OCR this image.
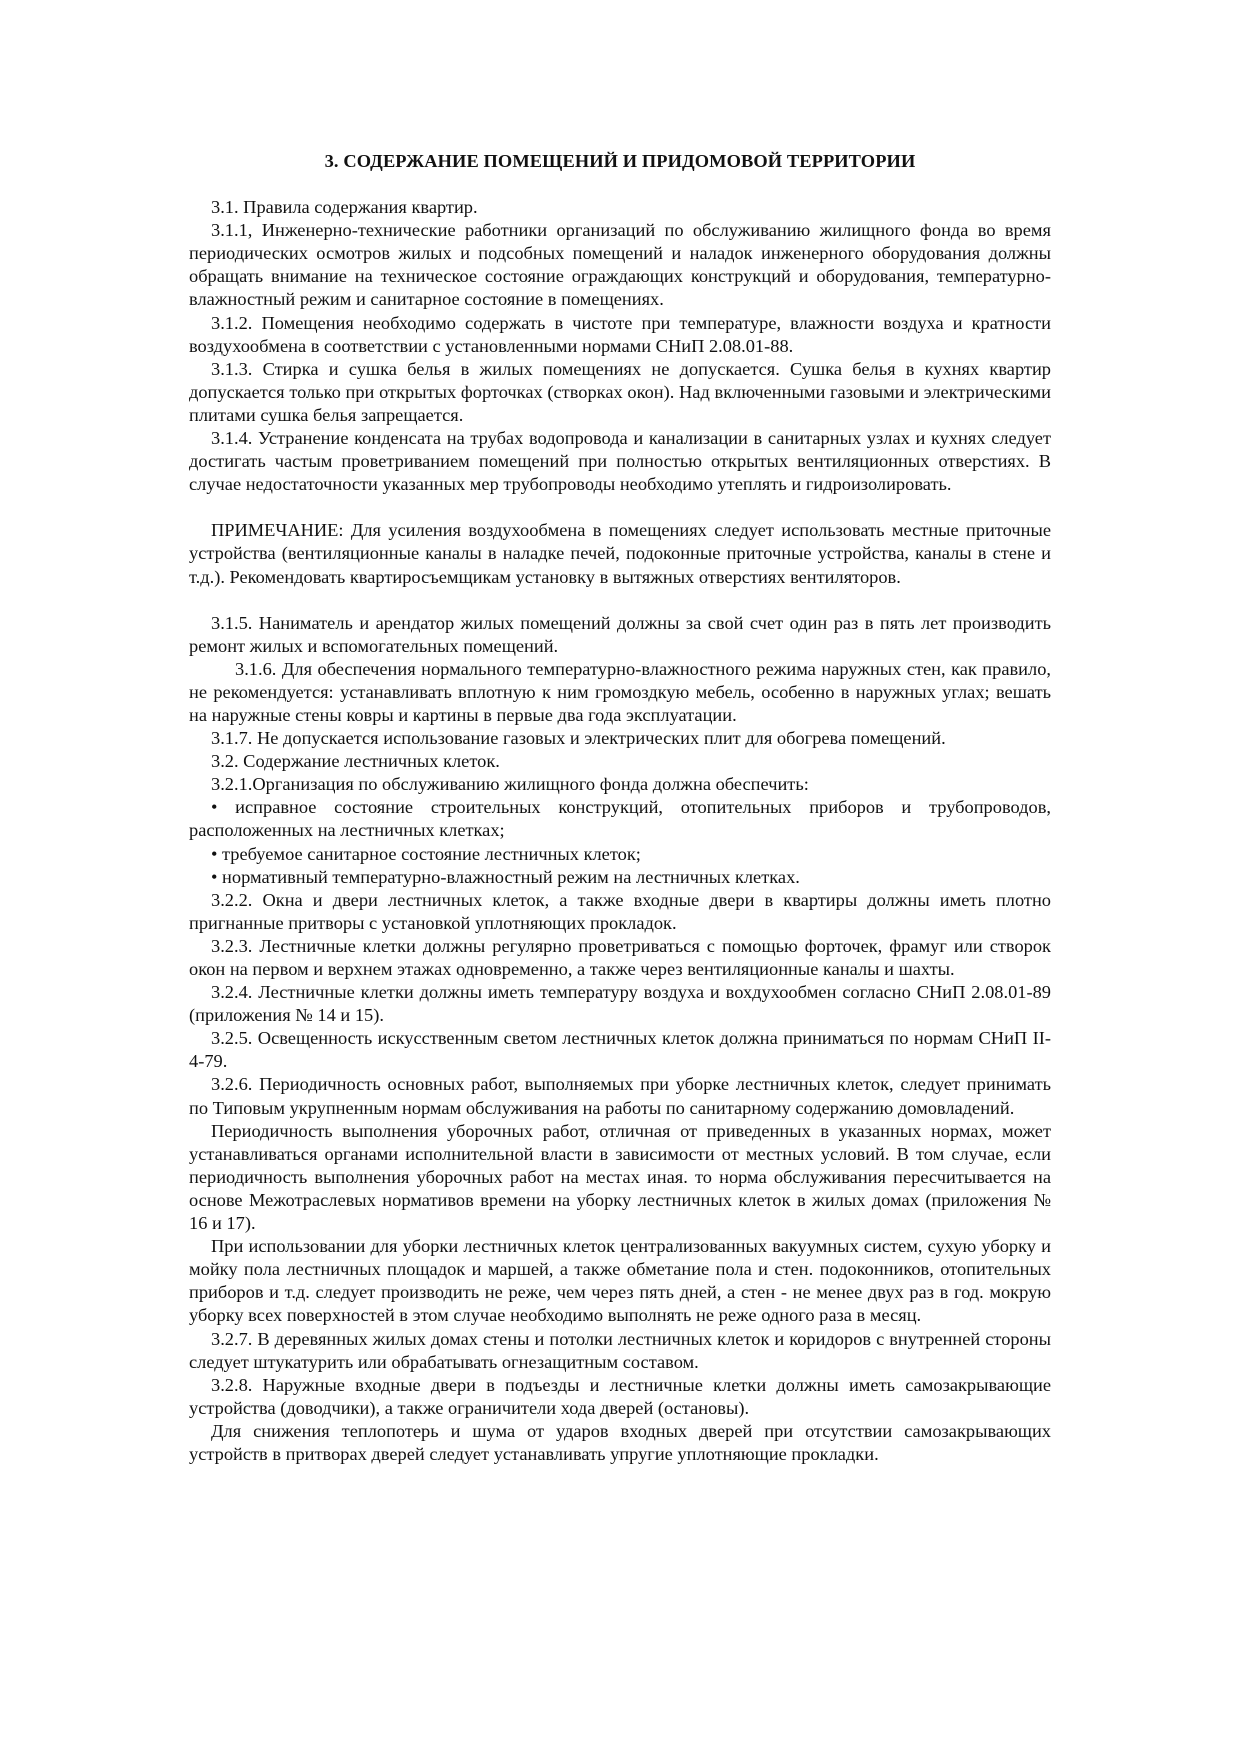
3. СОДЕРЖАНИЕ ПОМЕЩЕНИЙ И ПРИДОМОВОЙ ТЕРРИТОРИИ

3.1. Правила содержания квартир.

3.1.1, Инженерно-технические работники организаций по обслуживанию жилищного фонда во время периодических осмотров жилых и подсобных помещений и наладок инженерного оборудования должны обращать внимание на техническое состояние ограждающих конструкций и оборудования, температурно-влажностный режим и санитарное состояние в помещениях.

3.1.2. Помещения необходимо содержать в чистоте при температуре, влажности воздуха и кратности воздухообмена в соответствии с установленными нормами СНиП 2.08.01-88.

3.1.3. Стирка и сушка белья в жилых помещениях не допускается. Сушка белья в кухнях квартир допускается только при открытых форточках (створках окон). Над включенными газовыми и электрическими плитами сушка белья запрещается.

3.1.4. Устранение конденсата на трубах водопровода и канализации в санитарных узлах и кухнях следует достигать частым проветриванием помещений при полностью открытых вентиляционных отверстиях. В случае недостаточности указанных мер трубопроводы необходимо утеплять и гидроизолировать.

ПРИМЕЧАНИЕ: Для усиления воздухообмена в помещениях следует использовать местные приточные устройства (вентиляционные каналы в наладке печей, подоконные приточные устройства, каналы в стене и т.д.). Рекомендовать квартиросъемщикам установку в вытяжных отверстиях вентиляторов.

3.1.5. Наниматель и арендатор жилых помещений должны за свой счет один раз в пять лет производить ремонт жилых и вспомогательных помещений.

3.1.6. Для обеспечения нормального температурно-влажностного режима наружных стен, как правило, не рекомендуется: устанавливать вплотную к ним громоздкую мебель, особенно в наружных углах; вешать на наружные стены ковры и картины в первые два года эксплуатации.

3.1.7. Не допускается использование газовых и электрических плит для обогрева помещений.

3.2. Содержание лестничных клеток.

3.2.1.Организация по обслуживанию жилищного фонда должна обеспечить:

• исправное состояние строительных конструкций, отопительных приборов и трубопроводов, расположенных на лестничных клетках;

• требуемое санитарное состояние лестничных клеток;

• нормативный температурно-влажностный режим на лестничных клетках.

3.2.2. Окна и двери лестничных клеток, а также входные двери в квартиры должны иметь плотно пригнанные притворы с установкой уплотняющих прокладок.

3.2.3. Лестничные клетки должны регулярно проветриваться с помощью форточек, фрамуг или створок окон на первом и верхнем этажах одновременно, а также через вентиляционные каналы и шахты.

3.2.4. Лестничные клетки должны иметь температуру воздуха и вохдухообмен согласно СНиП 2.08.01-89 (приложения № 14 и 15).

3.2.5. Освещенность искусственным светом лестничных клеток должна приниматься по нормам СНиП II-4-79.

3.2.6. Периодичность основных работ, выполняемых при уборке лестничных клеток, следует принимать по Типовым укрупненным нормам обслуживания на работы по санитарному содержанию домовладений.

Периодичность выполнения уборочных работ, отличная от приведенных в указанных нормах, может устанавливаться органами исполнительной власти в зависимости от местных условий. В том случае, если периодичность выполнения уборочных работ на местах иная. то норма обслуживания пересчитывается на основе Межотраслевых нормативов времени на уборку лестничных клеток в жилых домах (приложения № 16 и 17).

При использовании для уборки лестничных клеток централизованных вакуумных систем, сухую уборку и мойку пола лестничных площадок и маршей, а также обметание пола и стен. подоконников, отопительных приборов и т.д. следует производить не реже, чем через пять дней, а стен - не менее двух раз в год. мокрую уборку всех поверхностей в этом случае необходимо выполнять не реже одного раза в месяц.

3.2.7. В деревянных жилых домах стены и потолки лестничных клеток и коридоров с внутренней стороны следует штукатурить или обрабатывать огнезащитным составом.

3.2.8. Наружные входные двери в подъезды и лестничные клетки должны иметь самозакрывающие устройства (доводчики), а также ограничители хода дверей (остановы).

Для снижения теплопотерь и шума от ударов входных дверей при отсутствии самозакрывающих устройств в притворах дверей следует устанавливать упругие уплотняющие прокладки.
